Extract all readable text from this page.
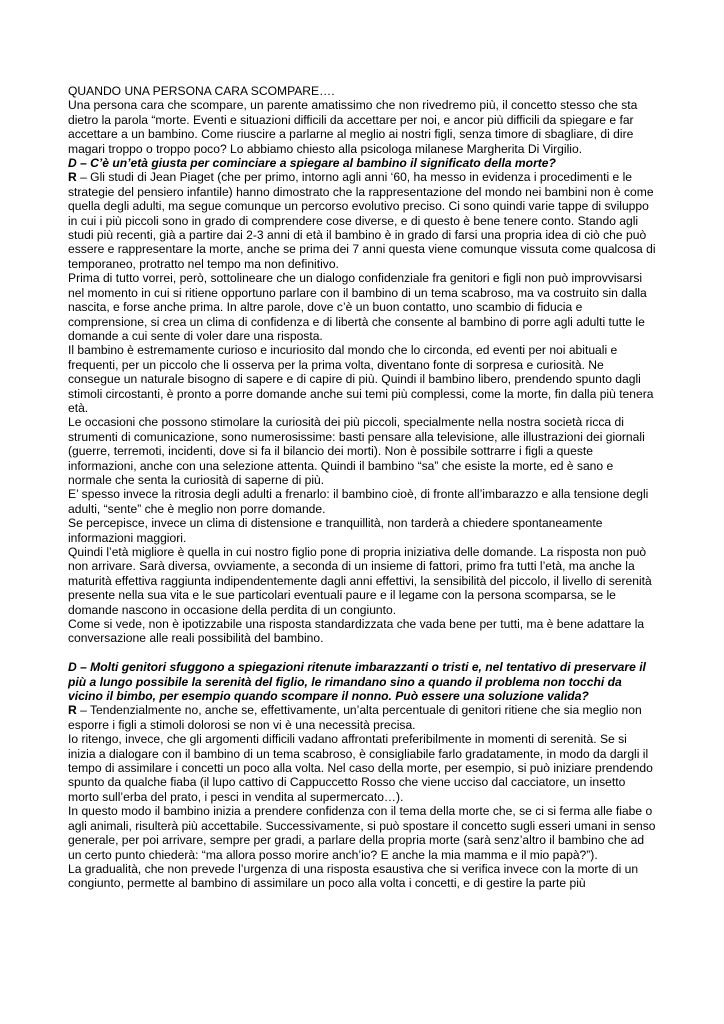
QUANDO UNA PERSONA CARA SCOMPARE….

Una persona cara che scompare, un parente amatissimo che non rivedremo più, il concetto stesso che sta dietro la parola “morte. Eventi e situazioni difficili da accettare per noi, e ancor più difficili da spiegare e far accettare a un bambino. Come riuscire a parlarne al meglio ai nostri figli, senza timore di sbagliare, di dire magari troppo o troppo poco? Lo abbiamo chiesto alla psicologa milanese Margherita Di Virgilio.

D – C’è un’età giusta per cominciare a spiegare al bambino il significato della morte?

R – Gli studi di Jean Piaget (che per primo, intorno agli anni ‘60, ha messo in evidenza i procedimenti e le strategie del pensiero infantile) hanno dimostrato che la rappresentazione del mondo nei bambini non è come quella degli adulti, ma segue comunque un percorso evolutivo preciso. Ci sono quindi varie tappe di sviluppo in cui i più piccoli sono in grado di comprendere cose diverse, e di questo è bene tenere conto. Stando agli studi più recenti, già a partire dai 2-3 anni di età il bambino è in grado di farsi una propria idea di ciò che può essere e rappresentare la morte, anche se prima dei 7 anni questa viene comunque vissuta come qualcosa di temporaneo, protratto nel tempo ma non definitivo.

Prima di tutto vorrei, però, sottolineare che un dialogo confidenziale fra genitori e figli non può improvvisarsi nel momento in cui si ritiene opportuno parlare con il bambino di un tema scabroso, ma va costruito sin dalla nascita, e forse anche prima. In altre parole, dove c’è un buon contatto, uno scambio di fiducia e comprensione, si crea un clima di confidenza e di libertà che consente al bambino di porre agli adulti tutte le domande a cui sente di voler dare una risposta.

Il bambino è estremamente curioso e incuriosito dal mondo che lo circonda, ed eventi per noi abituali e frequenti, per un piccolo che li osserva per la prima volta, diventano fonte di sorpresa e curiosità. Ne consegue un naturale bisogno di sapere e di capire di più. Quindi il bambino libero, prendendo spunto dagli stimoli circostanti, è pronto a porre domande anche sui temi più complessi, come la morte, fin dalla più tenera età.

Le occasioni che possono stimolare la curiosità dei più piccoli, specialmente nella nostra società ricca di strumenti di comunicazione, sono numerosissime: basti pensare alla televisione, alle illustrazioni dei giornali (guerre, terremoti, incidenti, dove si fa il bilancio dei morti). Non è possibile sottrarre i figli a queste informazioni, anche con una selezione attenta. Quindi il bambino “sa” che esiste la morte, ed è sano e normale che senta la curiosità di saperne di più.

E’ spesso invece la ritrosia degli adulti a frenarlo: il bambino cioè, di fronte all’imbarazzo e alla tensione degli adulti, “sente” che è meglio non porre domande.

Se percepisce, invece un clima di distensione e tranquillità, non tarderà a chiedere spontaneamente informazioni maggiori.

Quindi l’età migliore è quella in cui nostro figlio pone di propria iniziativa delle domande. La risposta non può non arrivare. Sarà diversa, ovviamente, a seconda di un insieme di fattori, primo fra tutti l’età, ma anche la maturità effettiva raggiunta indipendentemente dagli anni effettivi, la sensibilità del piccolo, il livello di serenità presente nella sua vita e le sue particolari eventuali paure e il legame con la persona scomparsa, se le domande nascono in occasione della perdita di un congiunto.

Come si vede, non è ipotizzabile una risposta standardizzata che vada bene per tutti, ma è bene adattare la conversazione alle reali possibilità del bambino.

D – Molti genitori sfuggono a spiegazioni ritenute imbarazzanti o tristi e, nel tentativo di preservare il più a lungo possibile la serenità del figlio, le rimandano sino a quando il problema non tocchi da vicino il bimbo, per esempio quando scompare il nonno. Può essere una soluzione valida?

R – Tendenzialmente no, anche se, effettivamente, un’alta percentuale di genitori ritiene che sia meglio non esporre i figli a stimoli dolorosi se non vi è una necessità precisa.

Io ritengo, invece, che gli argomenti difficili vadano affrontati preferibilmente in momenti di serenità. Se si inizia a dialogare con il bambino di un tema scabroso, è consigliabile farlo gradatamente, in modo da dargli il tempo di assimilare i concetti un poco alla volta. Nel caso della morte, per esempio, si può iniziare prendendo spunto da qualche fiaba (il lupo cattivo di Cappuccetto Rosso che viene ucciso dal cacciatore, un insetto morto sull’erba del prato, i pesci in vendita al supermercato…).

In questo modo il bambino inizia a prendere confidenza con il tema della morte che, se ci si ferma alle fiabe o agli animali, risulterà più accettabile. Successivamente, si può spostare il concetto sugli esseri umani in senso generale, per poi arrivare, sempre per gradi, a parlare della propria morte (sarà senz’altro il bambino che ad un certo punto chiederà: “ma allora posso morire anch’io? E anche la mia mamma e il mio papà?”).

La gradualità, che non prevede l’urgenza di una risposta esaustiva che si verifica invece con la morte di un congiunto, permette al bambino di assimilare un poco alla volta i concetti, e di gestire la parte più
